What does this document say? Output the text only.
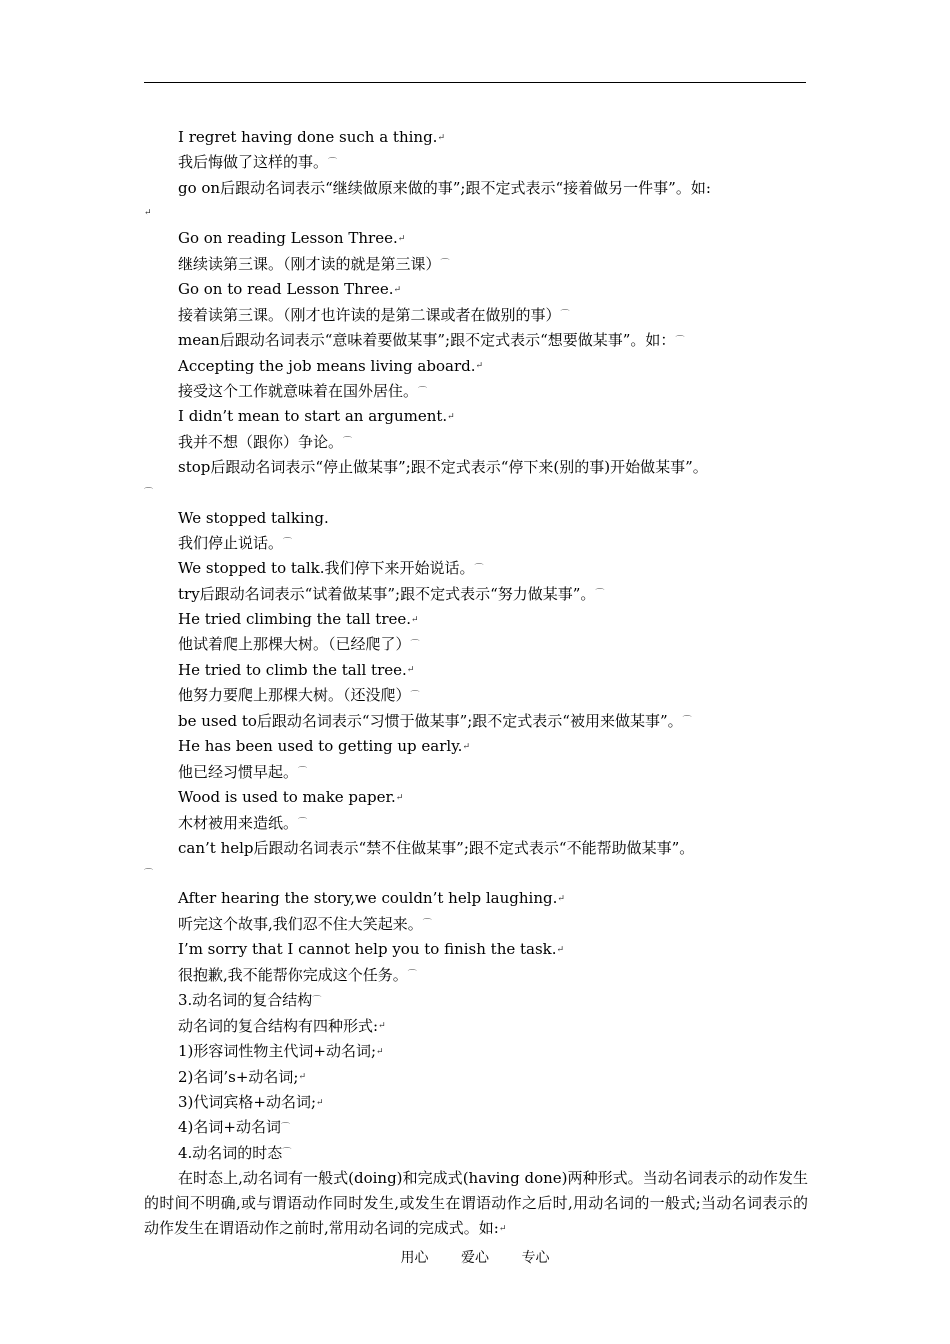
I regret having done such a thing.↵
我后悔做了这样的事。⌒
go on后跟动名词表示“继续做原来做的事”;跟不定式表示“接着做另一件事”。如:
↵
Go on reading Lesson Three.↵
继续读第三课。（刚才读的就是第三课）⌒
Go on to read Lesson Three.↵
接着读第三课。（刚才也许读的是第二课或者在做别的事）⌒
mean后跟动名词表示“意味着要做某事”;跟不定式表示“想要做某事”。如：⌒
Accepting the job means living aboard.↵
接受这个工作就意味着在国外居住。⌒
I didn’t mean to start an argument.↵
我并不想（跟你）争论。⌒
stop后跟动名词表示“停止做某事”;跟不定式表示“停下来(别的事)开始做某事”。
⌒
We stopped talking.
我们停止说话。⌒
We stopped to talk.我们停下来开始说话。⌒
try后跟动名词表示“试着做某事”;跟不定式表示“努力做某事”。⌒
He tried climbing the tall tree.↵
他试着爬上那棵大树。（已经爬了）⌒
He tried to climb the tall tree.↵
他努力要爬上那棵大树。（还没爬）⌒
be used to后跟动名词表示“习惯于做某事”;跟不定式表示“被用来做某事”。⌒
He has been used to getting up early.↵
他已经习惯早起。⌒
Wood is used to make paper.↵
木材被用来造纸。⌒
can’t help后跟动名词表示“禁不住做某事”;跟不定式表示“不能帮助做某事”。
⌒
After hearing the story,we couldn’t help laughing.↵
听完这个故事,我们忍不住大笑起来。⌒
I’m sorry that I cannot help you to finish the task.↵
很抱歉,我不能帮你完成这个任务。⌒
3.动名词的复合结构⌒
动名词的复合结构有四种形式:↵
1)形容词性物主代词+动名词;↵
2)名词’s+动名词;↵
3)代词宾格+动名词;↵
4)名词+动名词⌒
4.动名词的时态⌒
在时态上,动名词有一般式(doing)和完成式(having done)两种形式。当动名词表示的动作发生的时间不明确,或与谓语动作同时发生,或发生在谓语动作之后时,用动名词的一般式;当动名词表示的动作发生在谓语动作之前时,常用动名词的完成式。如:↵
用心 爱心 专心
